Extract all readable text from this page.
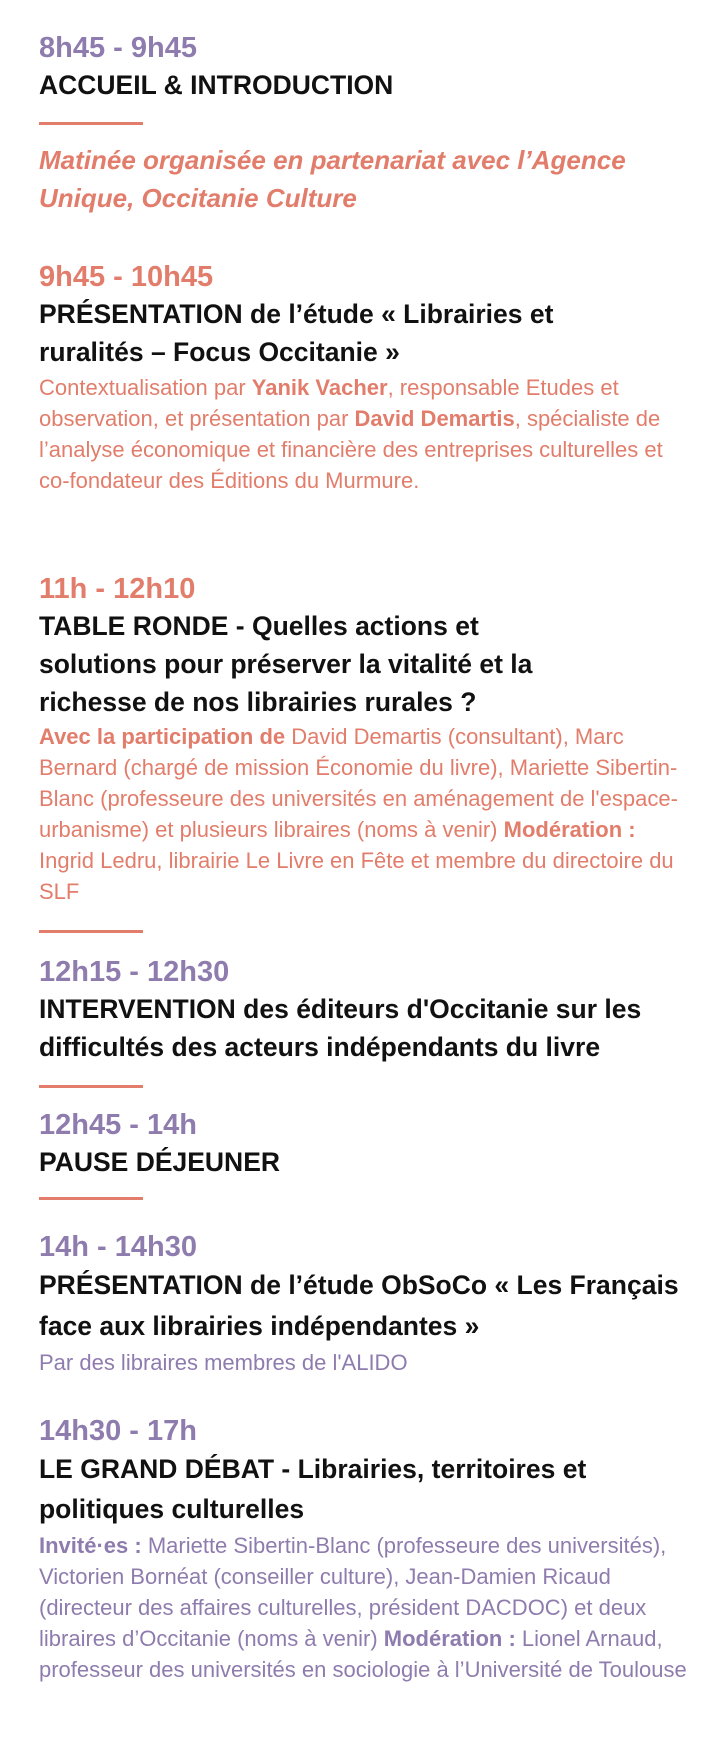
8h45 - 9h45

ACCUEIL & INTRODUCTION

Matinée organisée en partenariat avec l’Agence Unique, Occitanie Culture

9h45 - 10h45

PRÉSENTATION de l’étude « Librairies et ruralités – Focus Occitanie »

Contextualisation par Yanik Vacher, responsable Etudes et observation, et présentation par David Demartis, spécialiste de l’analyse économique et financière des entreprises culturelles et co-fondateur des Éditions du Murmure.

11h - 12h10

TABLE RONDE - Quelles actions et solutions pour préserver la vitalité et la richesse de nos librairies rurales ?

Avec la participation de David Demartis (consultant), Marc Bernard (chargé de mission Économie du livre), Mariette Sibertin-Blanc (professeure des universités en aménagement de l'espace-urbanisme) et plusieurs libraires (noms à venir) Modération : Ingrid Ledru, librairie Le Livre en Fête et membre du directoire du SLF

12h15 - 12h30

INTERVENTION des éditeurs d'Occitanie sur les difficultés des acteurs indépendants du livre

12h45 - 14h

PAUSE DÉJEUNER

14h - 14h30

PRÉSENTATION de l’étude ObSoCo « Les Français face aux librairies indépendantes »

Par des libraires membres de l'ALIDO

14h30 - 17h

LE GRAND DÉBAT - Librairies, territoires et politiques culturelles

Invité·es : Mariette Sibertin-Blanc (professeure des universités), Victorien Bornéat (conseiller culture), Jean-Damien Ricaud (directeur des affaires culturelles, président DACDOC) et deux libraires d’Occitanie (noms à venir) Modération : Lionel Arnaud, professeur des universités en sociologie à l’Université de Toulouse
